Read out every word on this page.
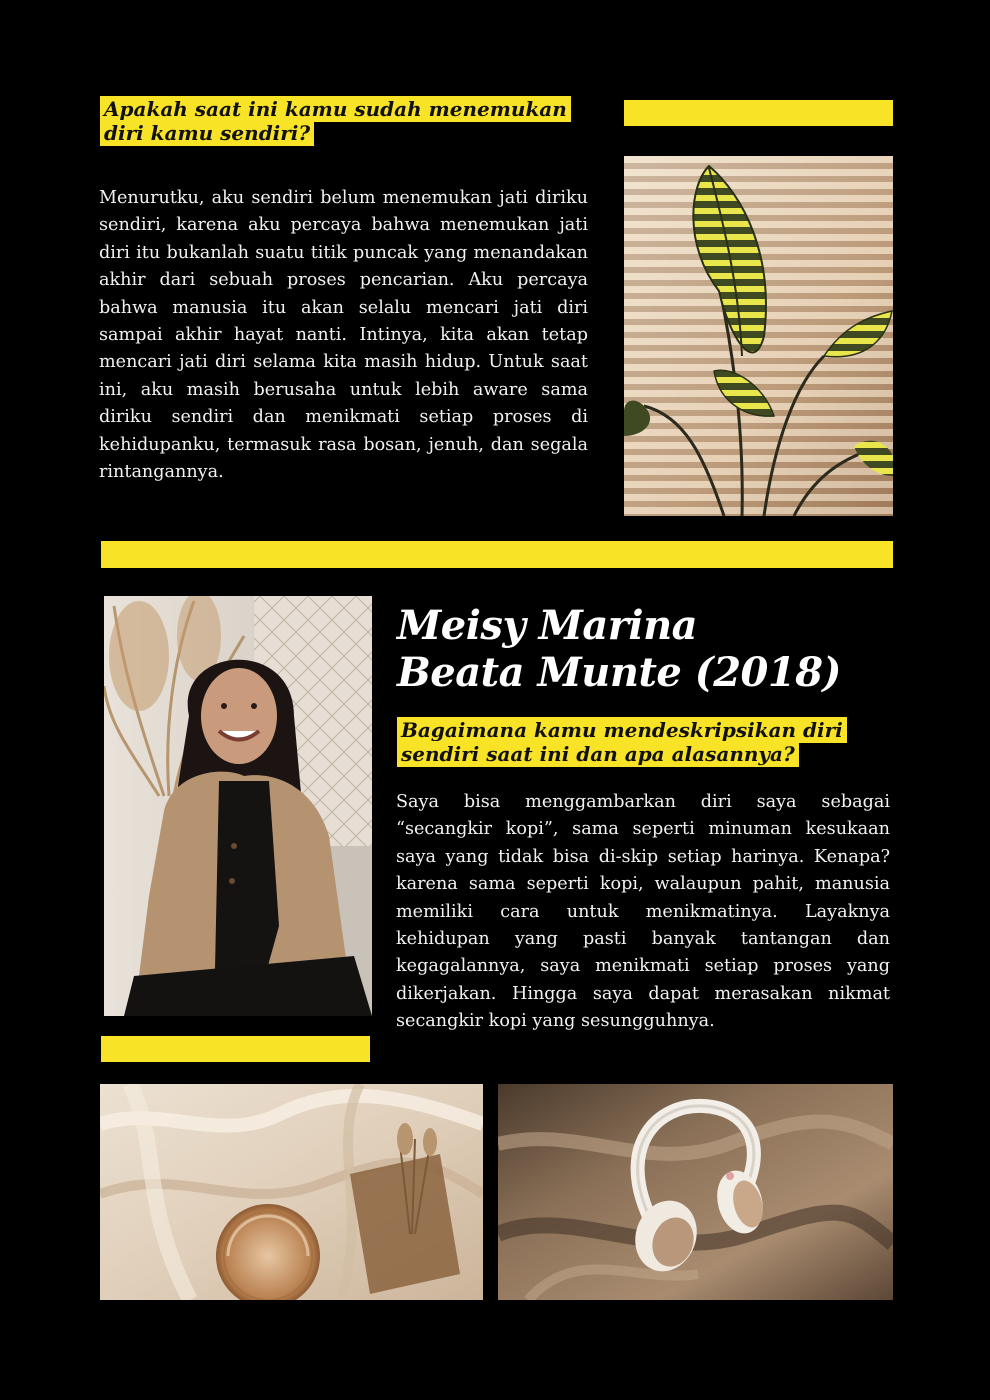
Apakah saat ini kamu sudah menemukan diri kamu sendiri?
Menurutku, aku sendiri belum menemukan jati diriku sendiri, karena aku percaya bahwa menemukan jati diri itu bukanlah suatu titik puncak yang menandakan akhir dari sebuah proses pencarian. Aku percaya bahwa manusia itu akan selalu mencari jati diri sampai akhir hayat nanti. Intinya, kita akan tetap mencari jati diri selama kita masih hidup. Untuk saat ini, aku masih berusaha untuk lebih aware sama diriku sendiri dan menikmati setiap proses di kehidupanku, termasuk rasa bosan, jenuh, dan segala rintangannya.
Meisy Marina
Beata Munte (2018)
Bagaimana kamu mendeskripsikan diri sendiri saat ini dan apa alasannya?
Saya bisa menggambarkan diri saya sebagai “secangkir kopi”, sama seperti minuman kesukaan saya yang tidak bisa di-skip setiap harinya. Kenapa? karena sama seperti kopi, walaupun pahit, manusia memiliki cara untuk menikmatinya. Layaknya kehidupan yang pasti banyak tantangan dan kegagalannya, saya menikmati setiap proses yang dikerjakan. Hingga saya dapat merasakan nikmat secangkir kopi yang sesungguhnya.
